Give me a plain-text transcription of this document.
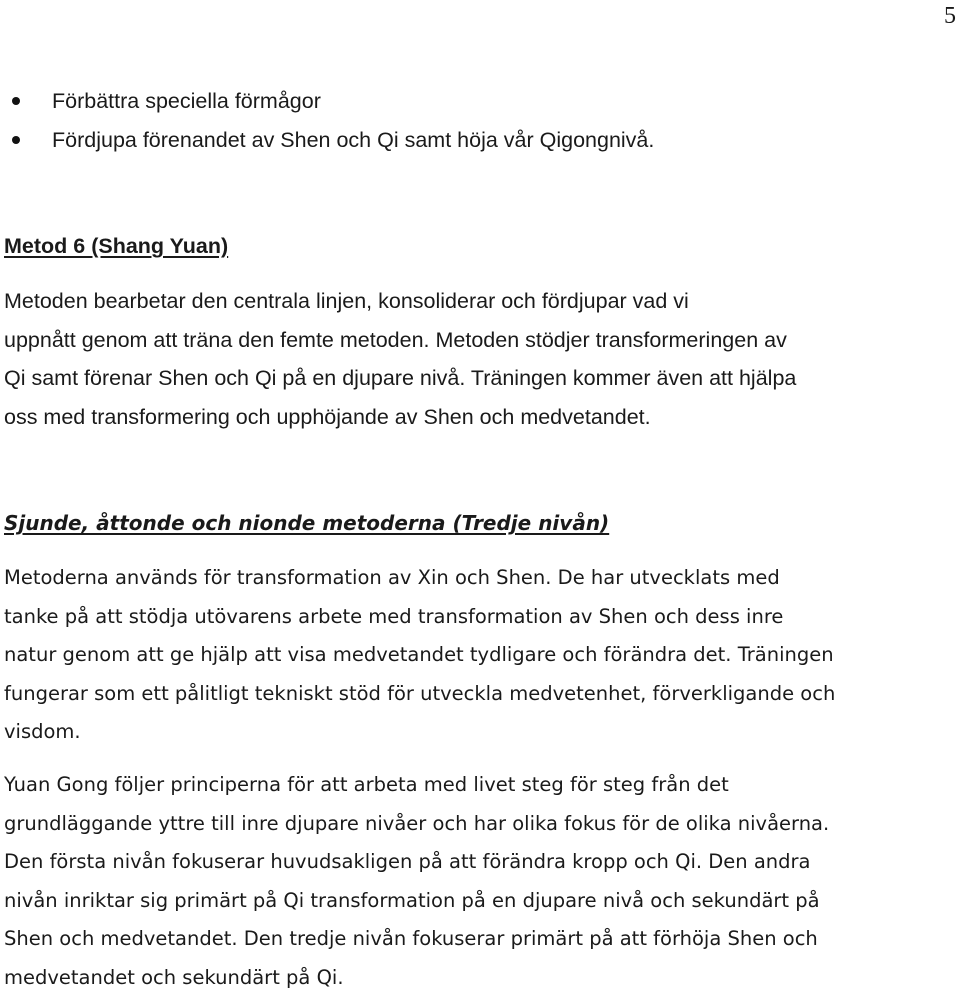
5
Förbättra speciella förmågor
Fördjupa förenandet av Shen och Qi samt höja vår Qigongnivå.
Metod 6 (Shang Yuan)

Metoden bearbetar den centrala linjen, konsoliderar och fördjupar vad vi
uppnått genom att träna den femte metoden. Metoden stödjer transformeringen av
Qi samt förenar Shen och Qi på en djupare nivå. Träningen kommer även att hjälpa
oss med transformering och upphöjande av Shen och medvetandet.

Sjunde, åttonde och nionde metoderna (Tredje nivån)

Metoderna används för transformation av Xin och Shen. De har utvecklats med
tanke på att stödja utövarens arbete med transformation av Shen och dess inre
natur genom att ge hjälp att visa medvetandet tydligare och förändra det. Träningen
fungerar som ett pålitligt tekniskt stöd för utveckla medvetenhet, förverkligande och
visdom.

Yuan Gong följer principerna för att arbeta med livet steg för steg från det
grundläggande yttre till inre djupare nivåer och har olika fokus för de olika nivåerna.
Den första nivån fokuserar huvudsakligen på att förändra kropp och Qi. Den andra
nivån inriktar sig primärt på Qi transformation på en djupare nivå och sekundärt på
Shen och medvetandet. Den tredje nivån fokuserar primärt på att förhöja Shen och
medvetandet och sekundärt på Qi.
